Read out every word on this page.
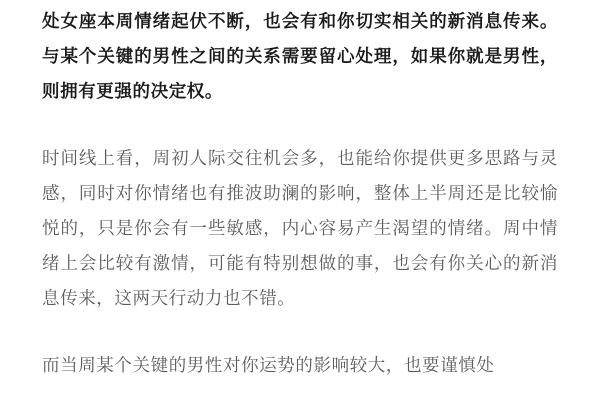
处女座本周情绪起伏不断，也会有和你切实相关的新消息传来。与某个关键的男性之间的关系需要留心处理，如果你就是男性，则拥有更强的决定权。

时间线上看，周初人际交往机会多，也能给你提供更多思路与灵感，同时对你情绪也有推波助澜的影响，整体上半周还是比较愉悦的，只是你会有一些敏感，内心容易产生渴望的情绪。周中情绪上会比较有激情，可能有特别想做的事，也会有你关心的新消息传来，这两天行动力也不错。

而当周某个关键的男性对你运势的影响较大，也要谨慎处
